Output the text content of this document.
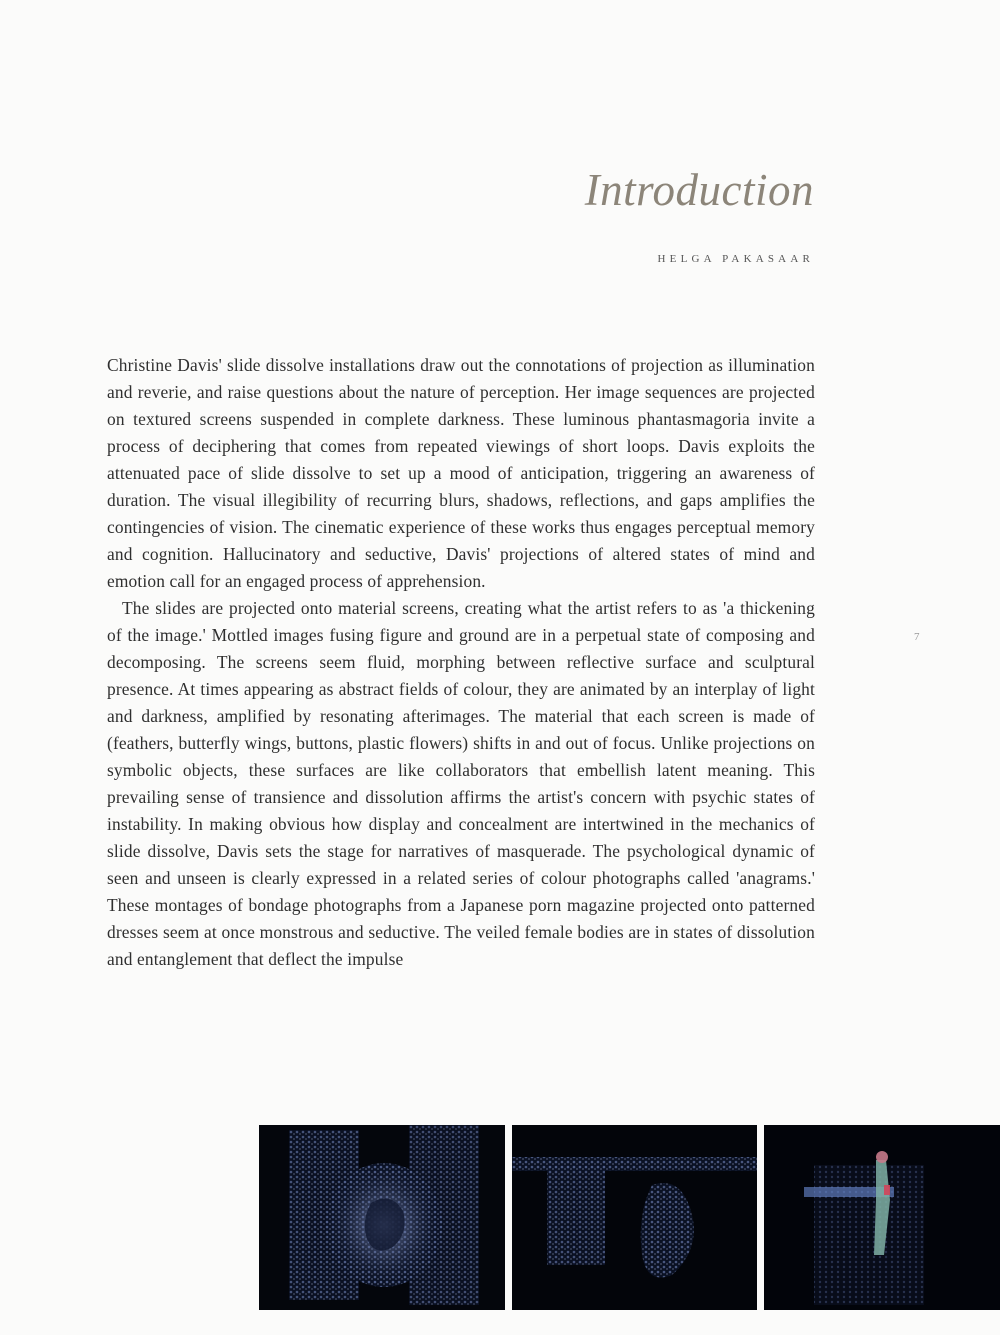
Introduction
HELGA PAKASAAR

Christine Davis' slide dissolve installations draw out the connotations of projection as illumination and reverie, and raise questions about the nature of perception. Her image sequences are projected on textured screens suspended in complete darkness. These luminous phantasmagoria invite a process of deciphering that comes from repeated viewings of short loops. Davis exploits the attenuated pace of slide dissolve to set up a mood of anticipation, triggering an awareness of duration. The visual illegibility of recurring blurs, shadows, reflections, and gaps amplifies the contingencies of vision. The cinematic experience of these works thus engages perceptual memory and cognition. Hallucinatory and seductive, Davis' projections of altered states of mind and emotion call for an engaged process of apprehension.

The slides are projected onto material screens, creating what the artist refers to as 'a thickening of the image.' Mottled images fusing figure and ground are in a perpetual state of composing and decomposing. The screens seem fluid, morphing between reflective surface and sculptural presence. At times appearing as abstract fields of colour, they are animated by an interplay of light and darkness, amplified by resonating afterimages. The material that each screen is made of (feathers, butterfly wings, buttons, plastic flowers) shifts in and out of focus. Unlike projections on symbolic objects, these surfaces are like collaborators that embellish latent meaning. This prevailing sense of transience and dissolution affirms the artist's concern with psychic states of instability. In making obvious how display and concealment are intertwined in the mechanics of slide dissolve, Davis sets the stage for narratives of masquerade. The psychological dynamic of seen and unseen is clearly expressed in a related series of colour photographs called 'anagrams.' These montages of bondage photographs from a Japanese porn magazine projected onto patterned dresses seem at once monstrous and seductive. The veiled female bodies are in states of dissolution and entanglement that deflect the impulse

7
